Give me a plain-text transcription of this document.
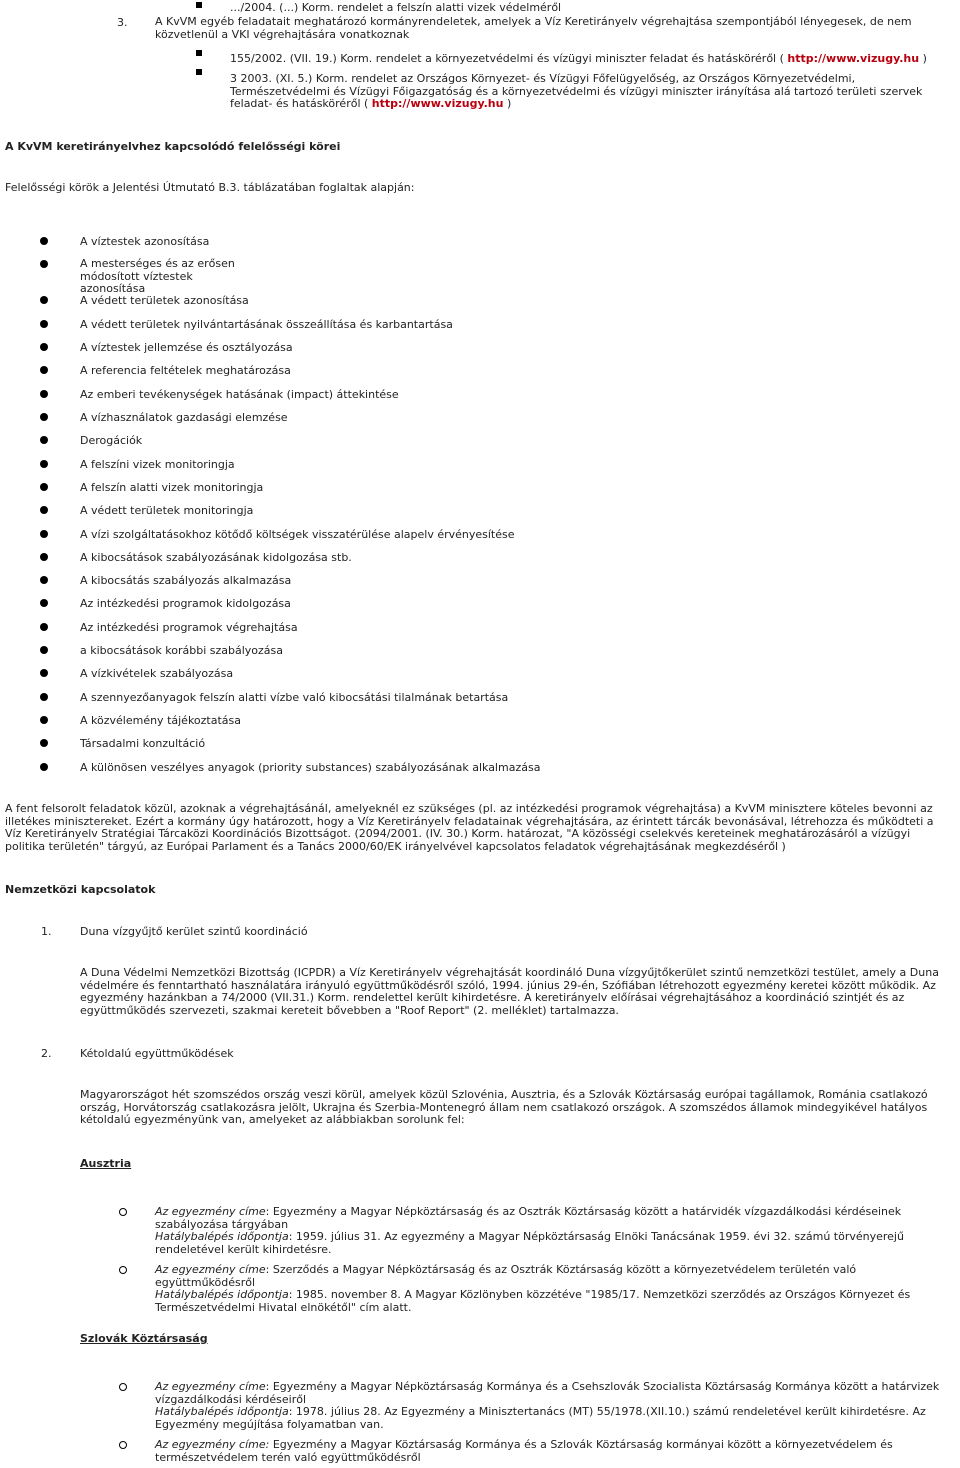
.../2004. (...) Korm. rendelet a felszín alatti vizek védelméről

3.	A KvVM egyéb feladatait meghatározó kormányrendeletek, amelyek a Víz Keretirányelv végrehajtása szempontjából lényegesek, de nem közvetlenül a VKI végrehajtására vonatkoznak

155/2002. (VII. 19.) Korm. rendelet a környezetvédelmi és vízügyi miniszter feladat és hatásköréről ( http://www.vizugy.hu )

3 2003. (XI. 5.) Korm. rendelet az Országos Környezet- és Vízügyi Főfelügyelőség, az Országos Környezetvédelmi, Természetvédelmi és Vízügyi Főigazgatóság és a környezetvédelmi és vízügyi miniszter irányítása alá tartozó területi szervek feladat- és hatásköréről ( http://www.vizugy.hu )

A KvVM keretirányelvhez kapcsolódó felelősségi körei

Felelősségi körök a Jelentési Útmutató B.3. táblázatában foglaltak alapján:

A víztestek azonosítása
A mesterséges és az erősen módosított víztestek azonosítása
A védett területek azonosítása
A védett területek nyilvántartásának összeállítása és karbantartása
A víztestek jellemzése és osztályozása
A referencia feltételek meghatározása
Az emberi tevékenységek hatásának (impact) áttekintése
A vízhasználatok gazdasági elemzése
Derogációk
A felszíni vizek monitoringja
A felszín alatti vizek monitoringja
A védett területek monitoringja
A vízi szolgáltatásokhoz kötődő költségek visszatérülése alapelv érvényesítése
A kibocsátások szabályozásának kidolgozása stb.
A kibocsátás szabályozás alkalmazása
Az intézkedési programok kidolgozása
Az intézkedési programok végrehajtása
a kibocsátások korábbi szabályozása
A vízkivételek szabályozása
A szennyezőanyagok felszín alatti vízbe való kibocsátási tilalmának betartása
A közvélemény tájékoztatása
Társadalmi konzultáció
A különösen veszélyes anyagok (priority substances) szabályozásának alkalmazása

A fent felsorolt feladatok közül, azoknak a végrehajtásánál, amelyeknél ez szükséges (pl. az intézkedési programok végrehajtása) a KvVM minisztere köteles bevonni az illetékes minisztereket. Ezért a kormány úgy határozott, hogy a Víz Keretirányelv feladatainak végrehajtására, az érintett tárcák bevonásával, létrehozza és működteti a Víz Keretirányelv Stratégiai Tárcaközi Koordinációs Bizottságot. (2094/2001. (IV. 30.) Korm. határozat, "A közösségi cselekvés kereteinek meghatározásáról a vízügyi politika területén" tárgyú, az Európai Parlament és a Tanács 2000/60/EK irányelvével kapcsolatos feladatok végrehajtásának megkezdéséről )

Nemzetközi kapcsolatok

1.	Duna vízgyűjtő kerület szintű koordináció

A Duna Védelmi Nemzetközi Bizottság (ICPDR) a Víz Keretirányelv végrehajtását koordináló Duna vízgyűjtőkerület szintű nemzetközi testület, amely a Duna védelmére és fenntartható használatára irányuló együttműködésről szóló, 1994. június 29-én, Szófiában létrehozott egyezmény keretei között működik. Az egyezmény hazánkban a 74/2000 (VII.31.) Korm. rendelettel került kihirdetésre. A keretirányelv előírásai végrehajtásához a koordináció szintjét és az együttműködés szervezeti, szakmai kereteit bővebben a "Roof Report" (2. melléklet) tartalmazza.

2.	Kétoldalú együttműködések

Magyarországot hét szomszédos ország veszi körül, amelyek közül Szlovénia, Ausztria, és a Szlovák Köztársaság európai tagállamok, Románia csatlakozó ország, Horvátország csatlakozásra jelölt, Ukrajna és Szerbia-Montenegró állam nem csatlakozó országok. A szomszédos államok mindegyikével hatályos kétoldalú egyezményünk van, amelyeket az alábbiakban sorolunk fel:

Ausztria

Az egyezmény címe: Egyezmény a Magyar Népköztársaság és az Osztrák Köztársaság között a határvidék vízgazdálkodási kérdéseinek szabályozása tárgyában
Hatálybalépés időpontja: 1959. július 31. Az egyezmény a Magyar Népköztársaság Elnöki Tanácsának 1959. évi 32. számú törvényerejű rendeletével került kihirdetésre.

Az egyezmény címe: Szerződés a Magyar Népköztársaság és az Osztrák Köztársaság között a környezetvédelem területén való együttműködésről
Hatálybalépés időpontja: 1985. november 8. A Magyar Közlönyben közzétéve "1985/17. Nemzetközi szerződés az Országos Környezet és Természetvédelmi Hivatal elnökétől" cím alatt.

Szlovák Köztársaság

Az egyezmény címe: Egyezmény a Magyar Népköztársaság Kormánya és a Csehszlovák Szocialista Köztársaság Kormánya között a határvizek vízgazdálkodási kérdéseiről
Hatálybalépés időpontja: 1978. július 28. Az Egyezmény a Minisztertanács (MT) 55/1978.(XII.10.) számú rendeletével került kihirdetésre. Az Egyezmény megújítása folyamatban van.

Az egyezmény címe: Egyezmény a Magyar Köztársaság Kormánya és a Szlovák Köztársaság kormányai között a környezetvédelem és természetvédelem terén való együttműködésről
